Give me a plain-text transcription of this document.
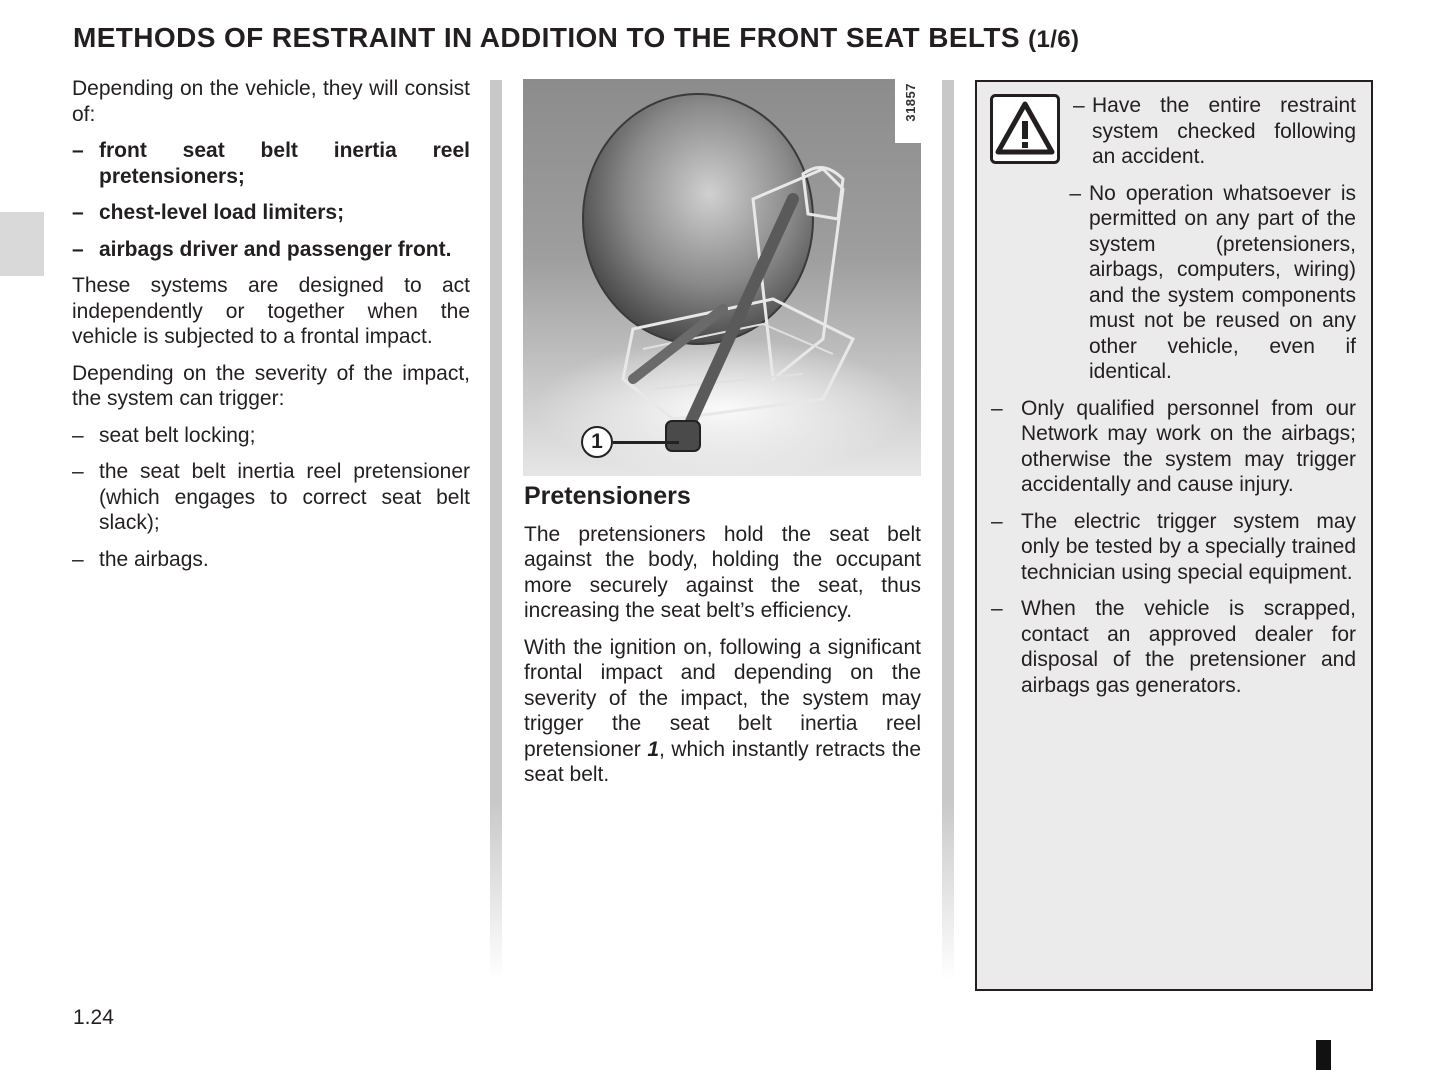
METHODS OF RESTRAINT IN ADDITION TO THE FRONT SEAT BELTS (1/6)

Depending on the vehicle, they will consist of:

– front seat belt inertia reel pretensioners;
– chest-level load limiters;
– airbags driver and passenger front.

These systems are designed to act independently or together when the vehicle is subjected to a frontal impact.

Depending on the severity of the impact, the system can trigger:

– seat belt locking;
– the seat belt inertia reel pretensioner (which engages to correct seat belt slack);
– the airbags.
31857
1

Pretensioners

The pretensioners hold the seat belt against the body, holding the occupant more securely against the seat, thus increasing the seat belt’s efficiency.

With the ignition on, following a significant frontal impact and depending on the severity of the impact, the system may trigger the seat belt inertia reel pretensioner 1, which instantly retracts the seat belt.

– Have the entire restraint system checked following an accident.
– No operation whatsoever is permitted on any part of the system (pretensioners, airbags, computers, wiring) and the system components must not be reused on any other vehicle, even if identical.
– Only qualified personnel from our Network may work on the airbags; otherwise the system may trigger accidentally and cause injury.
– The electric trigger system may only be tested by a specially trained technician using special equipment.
– When the vehicle is scrapped, contact an approved dealer for disposal of the pretensioner and airbags gas generators.
1.24
